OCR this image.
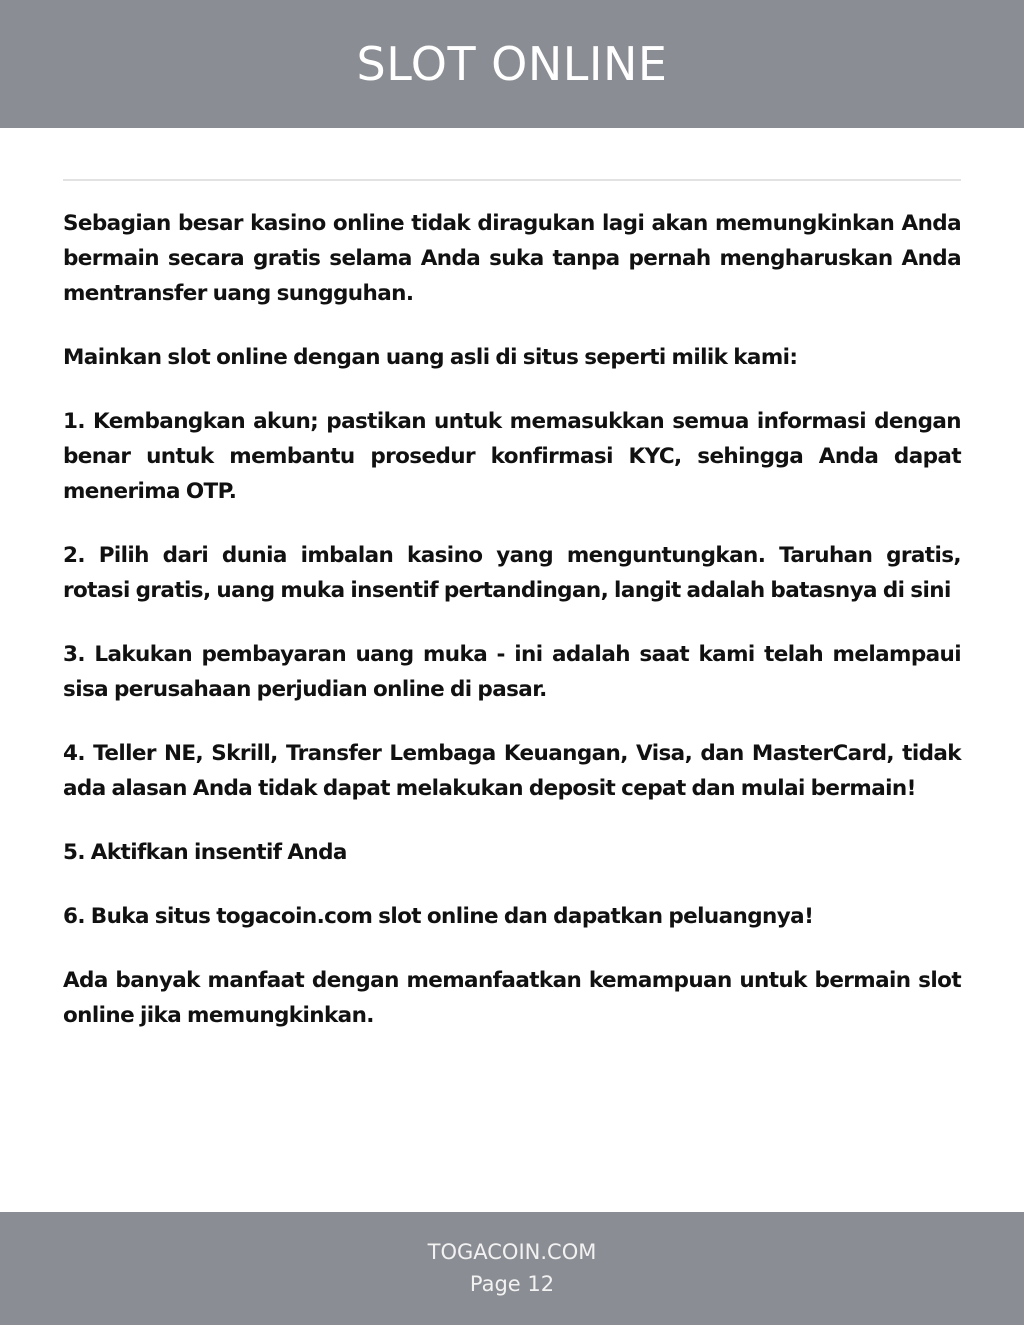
SLOT ONLINE

Sebagian besar kasino online tidak diragukan lagi akan memungkinkan Anda bermain secara gratis selama Anda suka tanpa pernah mengharuskan Anda mentransfer uang sungguhan.

Mainkan slot online dengan uang asli di situs seperti milik kami:

1. Kembangkan akun; pastikan untuk memasukkan semua informasi dengan benar untuk membantu prosedur konfirmasi KYC, sehingga Anda dapat menerima OTP.

2. Pilih dari dunia imbalan kasino yang menguntungkan. Taruhan gratis, rotasi gratis, uang muka insentif pertandingan, langit adalah batasnya di sini

3. Lakukan pembayaran uang muka - ini adalah saat kami telah melampaui sisa perusahaan perjudian online di pasar.

4. Teller NE, Skrill, Transfer Lembaga Keuangan, Visa, dan MasterCard, tidak ada alasan Anda tidak dapat melakukan deposit cepat dan mulai bermain!

5. Aktifkan insentif Anda

6. Buka situs togacoin.com slot online dan dapatkan peluangnya!

Ada banyak manfaat dengan memanfaatkan kemampuan untuk bermain slot online jika memungkinkan.

TOGACOIN.COM
Page 12
